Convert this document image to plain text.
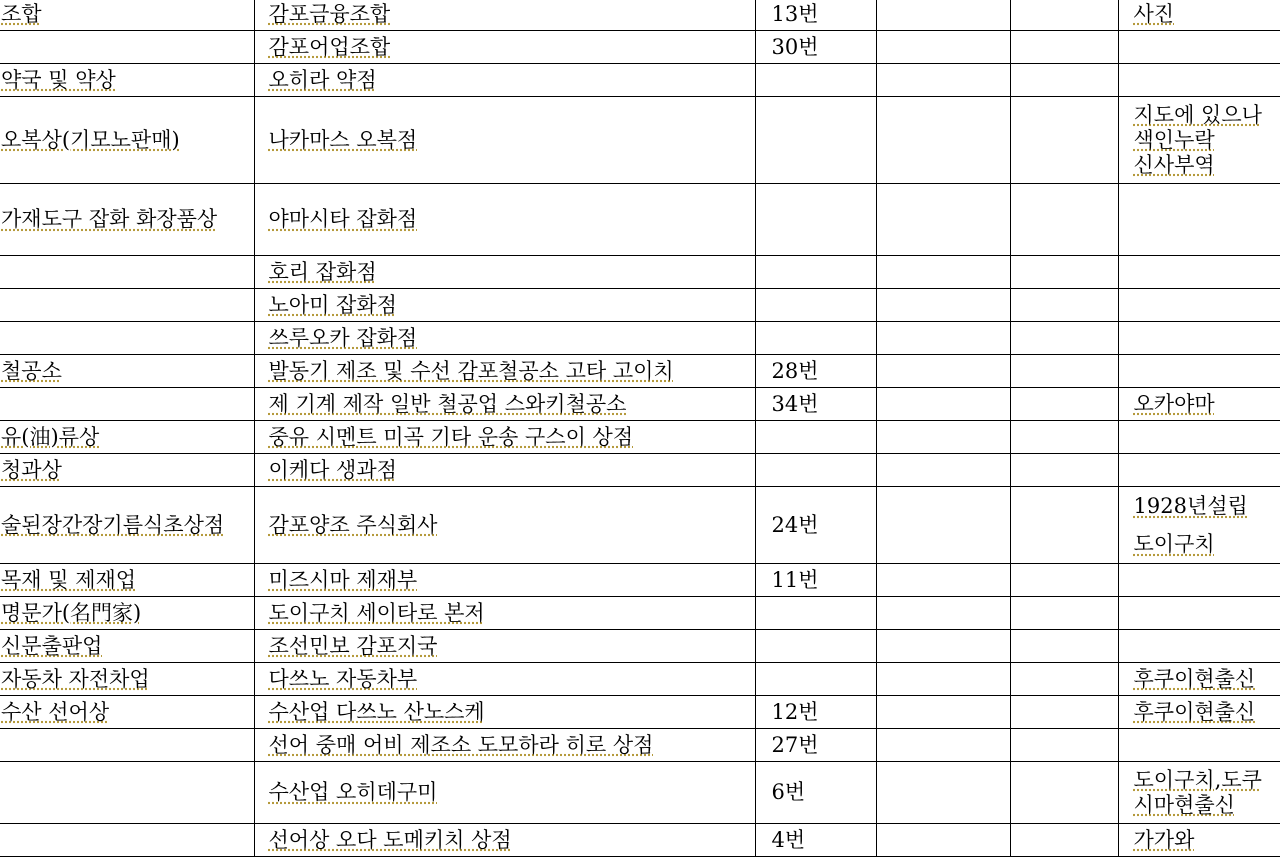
조합	감포금융조합	13번			사진
	감포어업조합	30번			
약국 및 약상	오히라 약점				
오복상(기모노판매)	나카마스 오복점				지도에 있으나 색인누락 신사부역
가재도구 잡화 화장품상	야마시타 잡화점				
	호리 잡화점				
	노아미 잡화점				
	쓰루오카 잡화점				
철공소	발동기 제조 및 수선 감포철공소 고타 고이치	28번			
	제 기계 제작 일반 철공업 스와키철공소	34번			오카야마
유(油)류상	중유 시멘트 미곡 기타 운송 구스이 상점				
청과상	이케다 생과점				
술된장간장기름식초상점	감포양조 주식회사	24번			1928년설립 도이구치
목재 및 제재업	미즈시마 제재부	11번			
명문가(名門家)	도이구치 세이타로 본저				
신문출판업	조선민보 감포지국				
자동차 자전차업	다쓰노 자동차부				후쿠이현출신
수산 선어상	수산업 다쓰노 산노스케	12번			후쿠이현출신
	선어 중매 어비 제조소 도모하라 히로 상점	27번			
	수산업 오히데구미	6번			도이구치,도쿠시마현출신
	선어상 오다 도메키치 상점	4번			가가와
